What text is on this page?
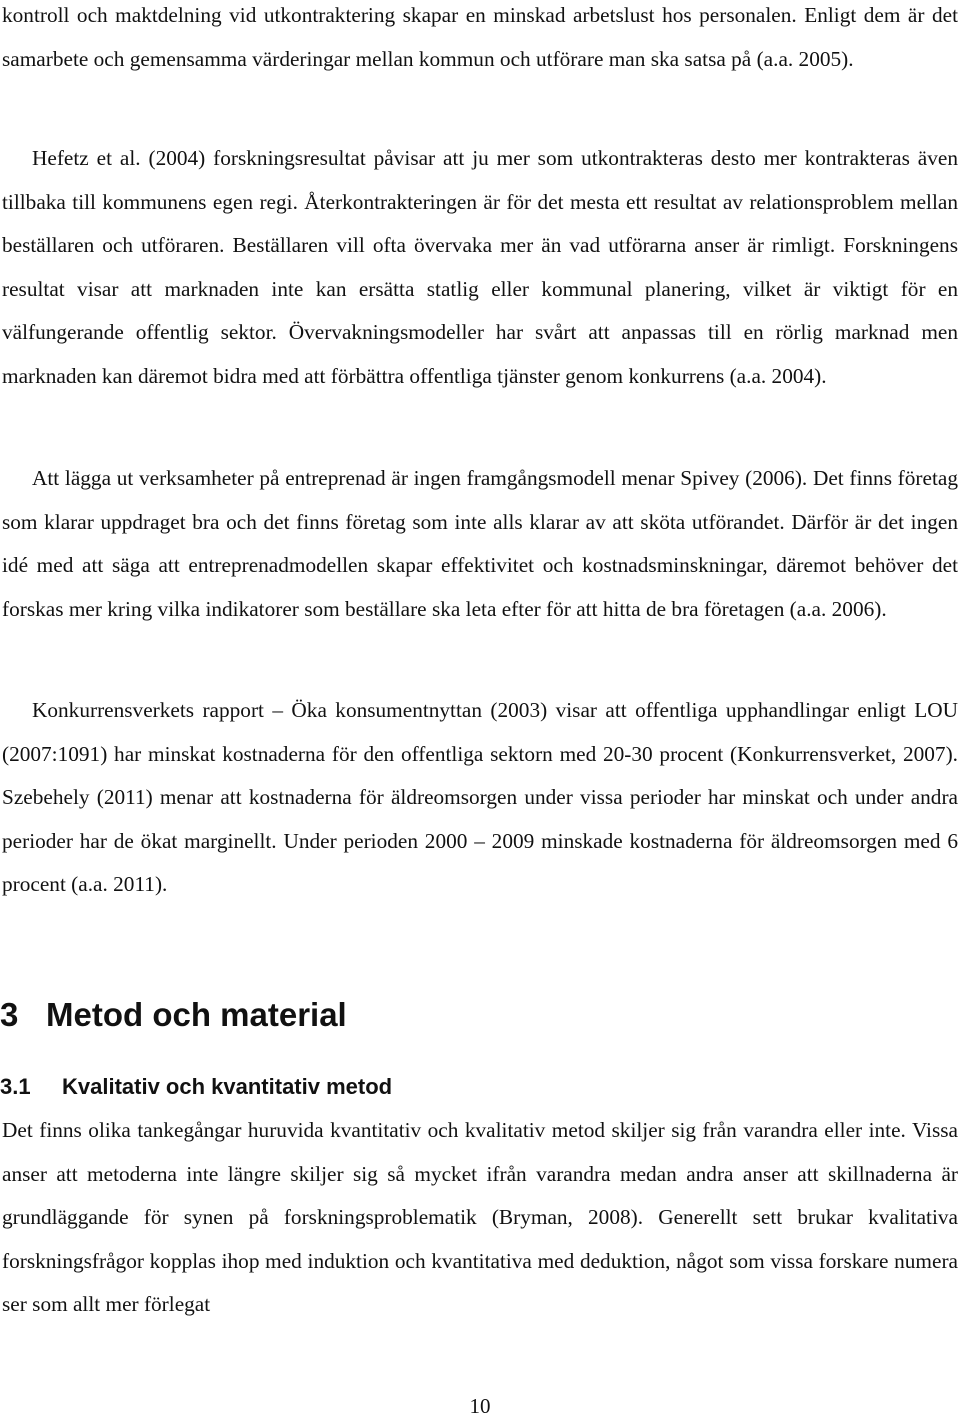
kontroll och maktdelning vid utkontraktering skapar en minskad arbetslust hos personalen. Enligt dem är det samarbete och gemensamma värderingar mellan kommun och utförare man ska satsa på (a.a. 2005).

Hefetz et al. (2004) forskningsresultat påvisar att ju mer som utkontrakteras desto mer kontrakteras även tillbaka till kommunens egen regi. Återkontrakteringen är för det mesta ett resultat av relationsproblem mellan beställaren och utföraren. Beställaren vill ofta övervaka mer än vad utförarna anser är rimligt. Forskningens resultat visar att marknaden inte kan ersätta statlig eller kommunal planering, vilket är viktigt för en välfungerande offentlig sektor. Övervakningsmodeller har svårt att anpassas till en rörlig marknad men marknaden kan däremot bidra med att förbättra offentliga tjänster genom konkurrens (a.a. 2004).

Att lägga ut verksamheter på entreprenad är ingen framgångsmodell menar Spivey (2006). Det finns företag som klarar uppdraget bra och det finns företag som inte alls klarar av att sköta utförandet. Därför är det ingen idé med att säga att entreprenadmodellen skapar effektivitet och kostnadsminskningar, däremot behöver det forskas mer kring vilka indikatorer som beställare ska leta efter för att hitta de bra företagen (a.a. 2006).

Konkurrensverkets rapport – Öka konsumentnyttan (2003) visar att offentliga upphandlingar enligt LOU (2007:1091) har minskat kostnaderna för den offentliga sektorn med 20-30 procent (Konkurrensverket, 2007). Szebehely (2011) menar att kostnaderna för äldreomsorgen under vissa perioder har minskat och under andra perioder har de ökat marginellt. Under perioden 2000 – 2009 minskade kostnaderna för äldreomsorgen med 6 procent (a.a. 2011).

3 Metod och material
3.1 Kvalitativ och kvantitativ metod

Det finns olika tankegångar huruvida kvantitativ och kvalitativ metod skiljer sig från varandra eller inte. Vissa anser att metoderna inte längre skiljer sig så mycket ifrån varandra medan andra anser att skillnaderna är grundläggande för synen på forskningsproblematik (Bryman, 2008). Generellt sett brukar kvalitativa forskningsfrågor kopplas ihop med induktion och kvantitativa med deduktion, något som vissa forskare numera ser som allt mer förlegat

10
